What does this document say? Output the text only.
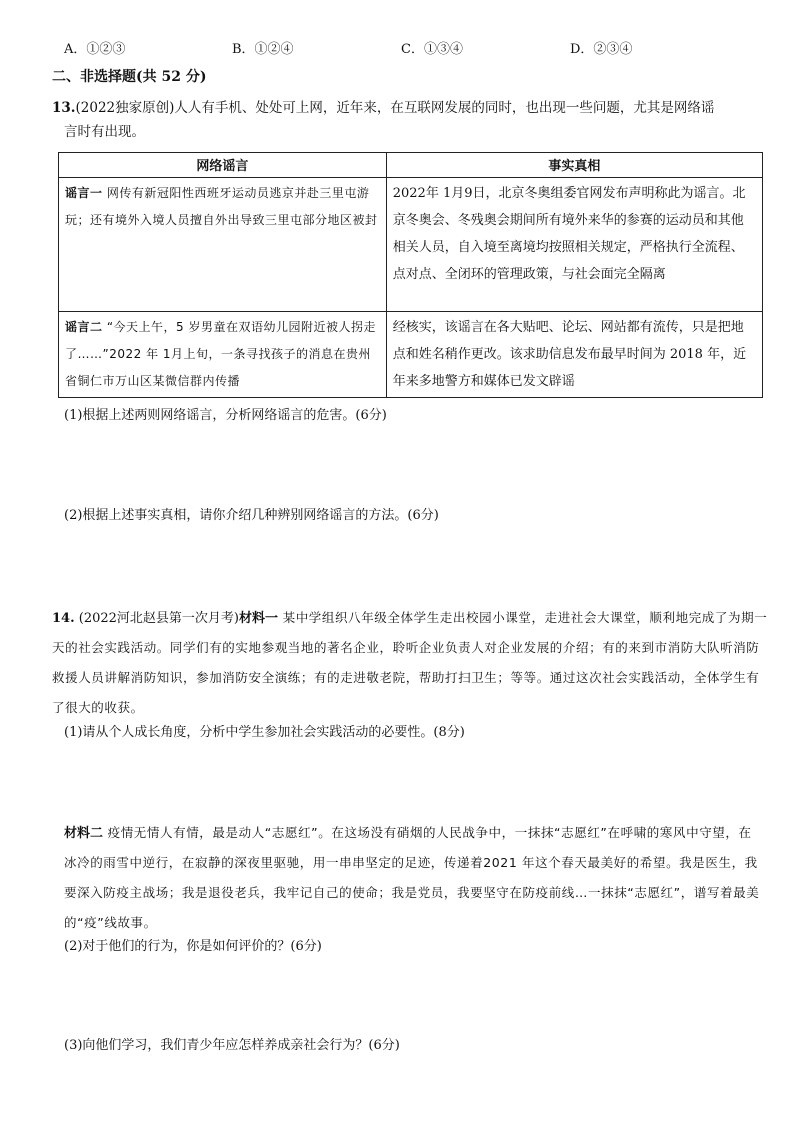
A．①②③	B．①②④	C．①③④	D．②③④
二、非选择题(共 52 分)
13.(2022独家原创)人人有手机、处处可上网，近年来，在互联网发展的同时，也出现一些问题，尤其是网络谣
言时有出现。
网络谣言	事实真相
谣言一 网传有新冠阳性西班牙运动员逃京并赴三里屯游玩；还有境外入境人员擅自外出导致三里屯部分地区被封	2022年 1月9日，北京冬奥组委官网发布声明称此为谣言。北京冬奥会、冬残奥会期间所有境外来华的参赛的运动员和其他相关人员，自入境至离境均按照相关规定，严格执行全流程、点对点、全闭环的管理政策，与社会面完全隔离
谣言二 “今天上午，5 岁男童在双语幼儿园附近被人拐走了……”2022 年 1月上旬，一条寻找孩子的消息在贵州省铜仁市万山区某微信群内传播	经核实，该谣言在各大贴吧、论坛、网站都有流传，只是把地点和姓名稍作更改。该求助信息发布最早时间为 2018 年，近年来多地警方和媒体已发文辟谣
(1)根据上述两则网络谣言，分析网络谣言的危害。(6分)
(2)根据上述事实真相，请你介绍几种辨别网络谣言的方法。(6分)
14. (2022河北赵县第一次月考)材料一 某中学组织八年级全体学生走出校园小课堂，走进社会大课堂，顺利地完成了为期一天的社会实践活动。同学们有的实地参观当地的著名企业，聆听企业负责人对企业发展的介绍；有的来到市消防大队听消防救援人员讲解消防知识，参加消防安全演练；有的走进敬老院，帮助打扫卫生；等等。通过这次社会实践活动，全体学生有了很大的收获。
(1)请从个人成长角度，分析中学生参加社会实践活动的必要性。(8分)
材料二 疫情无情人有情，最是动人“志愿红”。在这场没有硝烟的人民战争中，一抹抹“志愿红”在呼啸的寒风中守望，在冰冷的雨雪中逆行，在寂静的深夜里驱驰，用一串串坚定的足迹，传递着2021 年这个春天最美好的希望。我是医生，我要深入防疫主战场；我是退役老兵，我牢记自己的使命；我是党员，我要坚守在防疫前线…一抹抹“志愿红”，谱写着最美的“疫”线故事。
(2)对于他们的行为，你是如何评价的？(6分)
(3)向他们学习，我们青少年应怎样养成亲社会行为？(6分)
